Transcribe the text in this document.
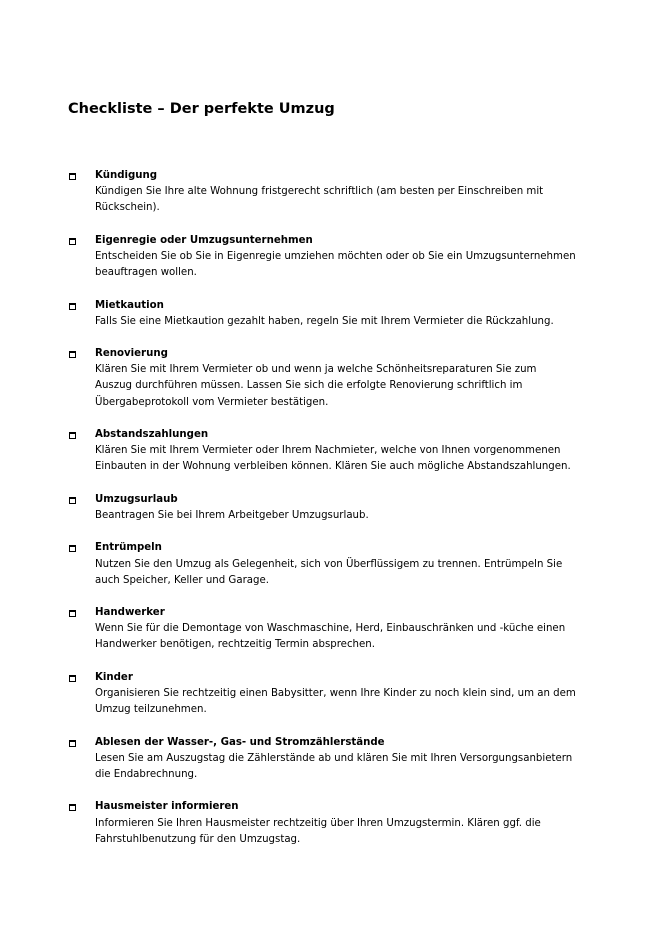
Checkliste – Der perfekte Umzug
Kündigung
Kündigen Sie Ihre alte Wohnung fristgerecht schriftlich (am besten per Einschreiben mit
Rückschein).
Eigenregie oder Umzugsunternehmen
Entscheiden Sie ob Sie in Eigenregie umziehen möchten oder ob Sie ein Umzugsunternehmen
beauftragen wollen.
Mietkaution
Falls Sie eine Mietkaution gezahlt haben, regeln Sie mit Ihrem Vermieter die Rückzahlung.
Renovierung
Klären Sie mit Ihrem Vermieter ob und wenn ja welche Schönheitsreparaturen Sie zum
Auszug durchführen müssen. Lassen Sie sich die erfolgte Renovierung schriftlich im
Übergabeprotokoll vom Vermieter bestätigen.
Abstandszahlungen
Klären Sie mit Ihrem Vermieter oder Ihrem Nachmieter, welche von Ihnen vorgenommenen
Einbauten in der Wohnung verbleiben können. Klären Sie auch mögliche Abstandszahlungen.
Umzugsurlaub
Beantragen Sie bei Ihrem Arbeitgeber Umzugsurlaub.
Entrümpeln
Nutzen Sie den Umzug als Gelegenheit, sich von Überflüssigem zu trennen. Entrümpeln Sie
auch Speicher, Keller und Garage.
Handwerker
Wenn Sie für die Demontage von Waschmaschine, Herd, Einbauschränken und -küche einen
Handwerker benötigen, rechtzeitig Termin absprechen.
Kinder
Organisieren Sie rechtzeitig einen Babysitter, wenn Ihre Kinder zu noch klein sind, um an dem
Umzug teilzunehmen.
Ablesen der Wasser-, Gas- und Stromzählerstände
Lesen Sie am Auszugstag die Zählerstände ab und klären Sie mit Ihren Versorgungsanbietern
die Endabrechnung.
Hausmeister informieren
Informieren Sie Ihren Hausmeister rechtzeitig über Ihren Umzugstermin. Klären ggf. die
Fahrstuhlbenutzung für den Umzugstag.
